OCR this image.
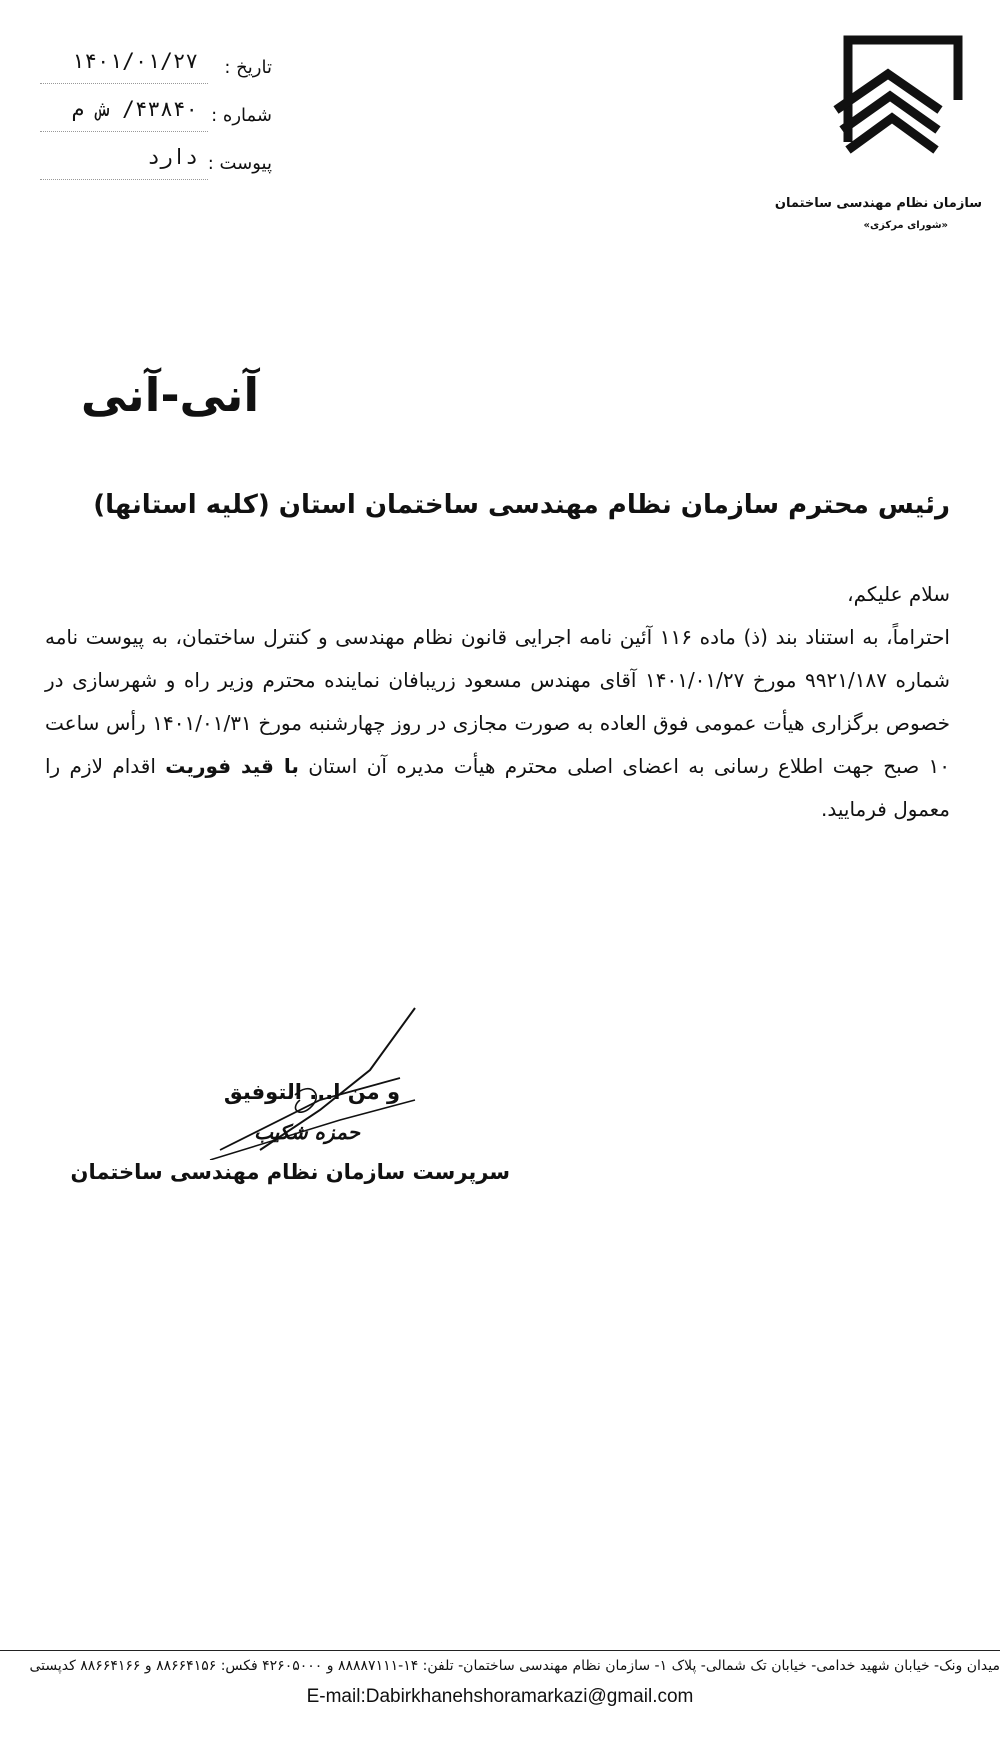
سازمان نظام مهندسی ساختمان
«شورای مرکزی»
تاریخ :
۱۴۰۱/۰۱/۲۷
شماره :
۴۳۸۴۰/ ش م
پیوست :
دارد
آنی-آنی
رئیس محترم سازمان نظام مهندسی ساختمان استان (کلیه استانها)

سلام علیکم،

احتراماً، به استناد بند (ذ) ماده ۱۱۶ آئین نامه اجرایی قانون نظام مهندسی و کنترل ساختمان، به پیوست نامه شماره ۹۹۲۱/۱۸۷ مورخ ۱۴۰۱/۰۱/۲۷ آقای مهندس مسعود زریبافان نماینده محترم وزیر راه و شهرسازی در خصوص برگزاری هیأت عمومی فوق العاده به صورت مجازی در روز چهارشنبه مورخ ۱۴۰۱/۰۱/۳۱ رأس ساعت ۱۰ صبح جهت اطلاع رسانی به اعضای اصلی محترم هیأت مدیره آن استان با قید فوریت اقدام لازم را معمول فرمایید.

و من ا... التوفیق
حمزه شکیب
سرپرست سازمان نظام مهندسی ساختمان
میدان ونک- خیابان شهید خدامی- خیابان تک شمالی- پلاک ۱- سازمان نظام مهندسی ساختمان- تلفن: ۱۴-۸۸۸۸۷۱۱۱ و ۴۲۶۰۵۰۰۰ فکس: ۸۸۶۶۴۱۵۶ و ۸۸۶۶۴۱۶۶ کدپستی
E-mail:Dabirkhanehshoramarkazi@gmail.com
